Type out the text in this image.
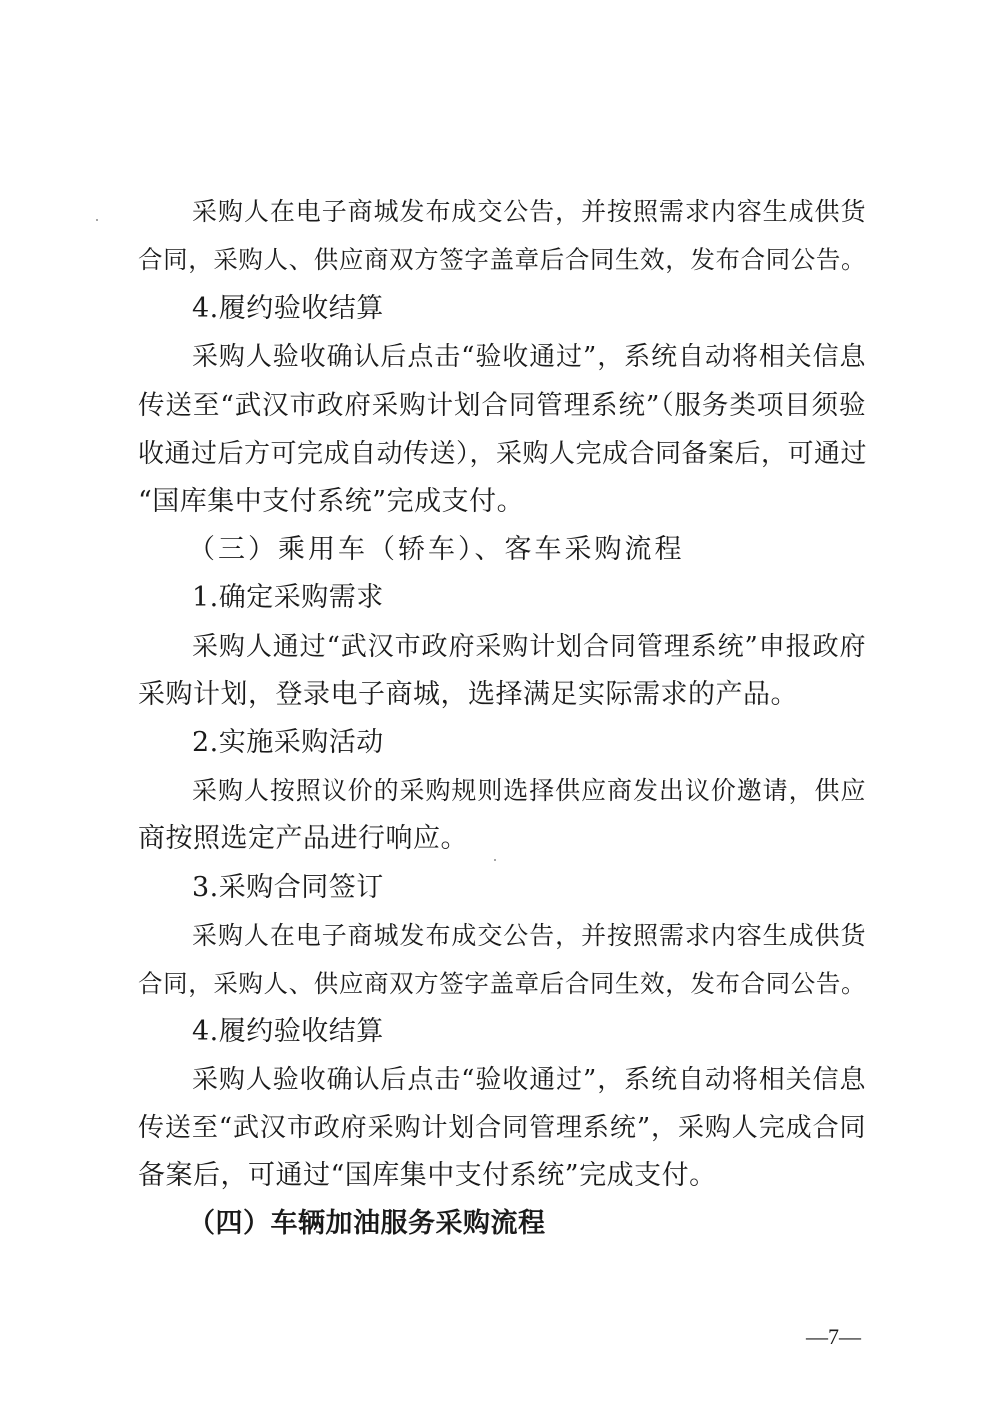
采购人在电子商城发布成交公告，并按照需求内容生成供货
合同，采购人、供应商双方签字盖章后合同生效，发布合同公告。
4.履约验收结算
采购人验收确认后点击“验收通过”，系统自动将相关信息
传送至“武汉市政府采购计划合同管理系统”（服务类项目须验
收通过后方可完成自动传送），采购人完成合同备案后，可通过
“国库集中支付系统”完成支付。
（三）乘用车（轿车）、客车采购流程
1.确定采购需求
采购人通过“武汉市政府采购计划合同管理系统”申报政府
采购计划，登录电子商城，选择满足实际需求的产品。
2.实施采购活动
采购人按照议价的采购规则选择供应商发出议价邀请，供应
商按照选定产品进行响应。
3.采购合同签订
采购人在电子商城发布成交公告，并按照需求内容生成供货
合同，采购人、供应商双方签字盖章后合同生效，发布合同公告。
4.履约验收结算
采购人验收确认后点击“验收通过”，系统自动将相关信息
传送至“武汉市政府采购计划合同管理系统”，采购人完成合同
备案后，可通过“国库集中支付系统”完成支付。
（四）车辆加油服务采购流程
—7—
